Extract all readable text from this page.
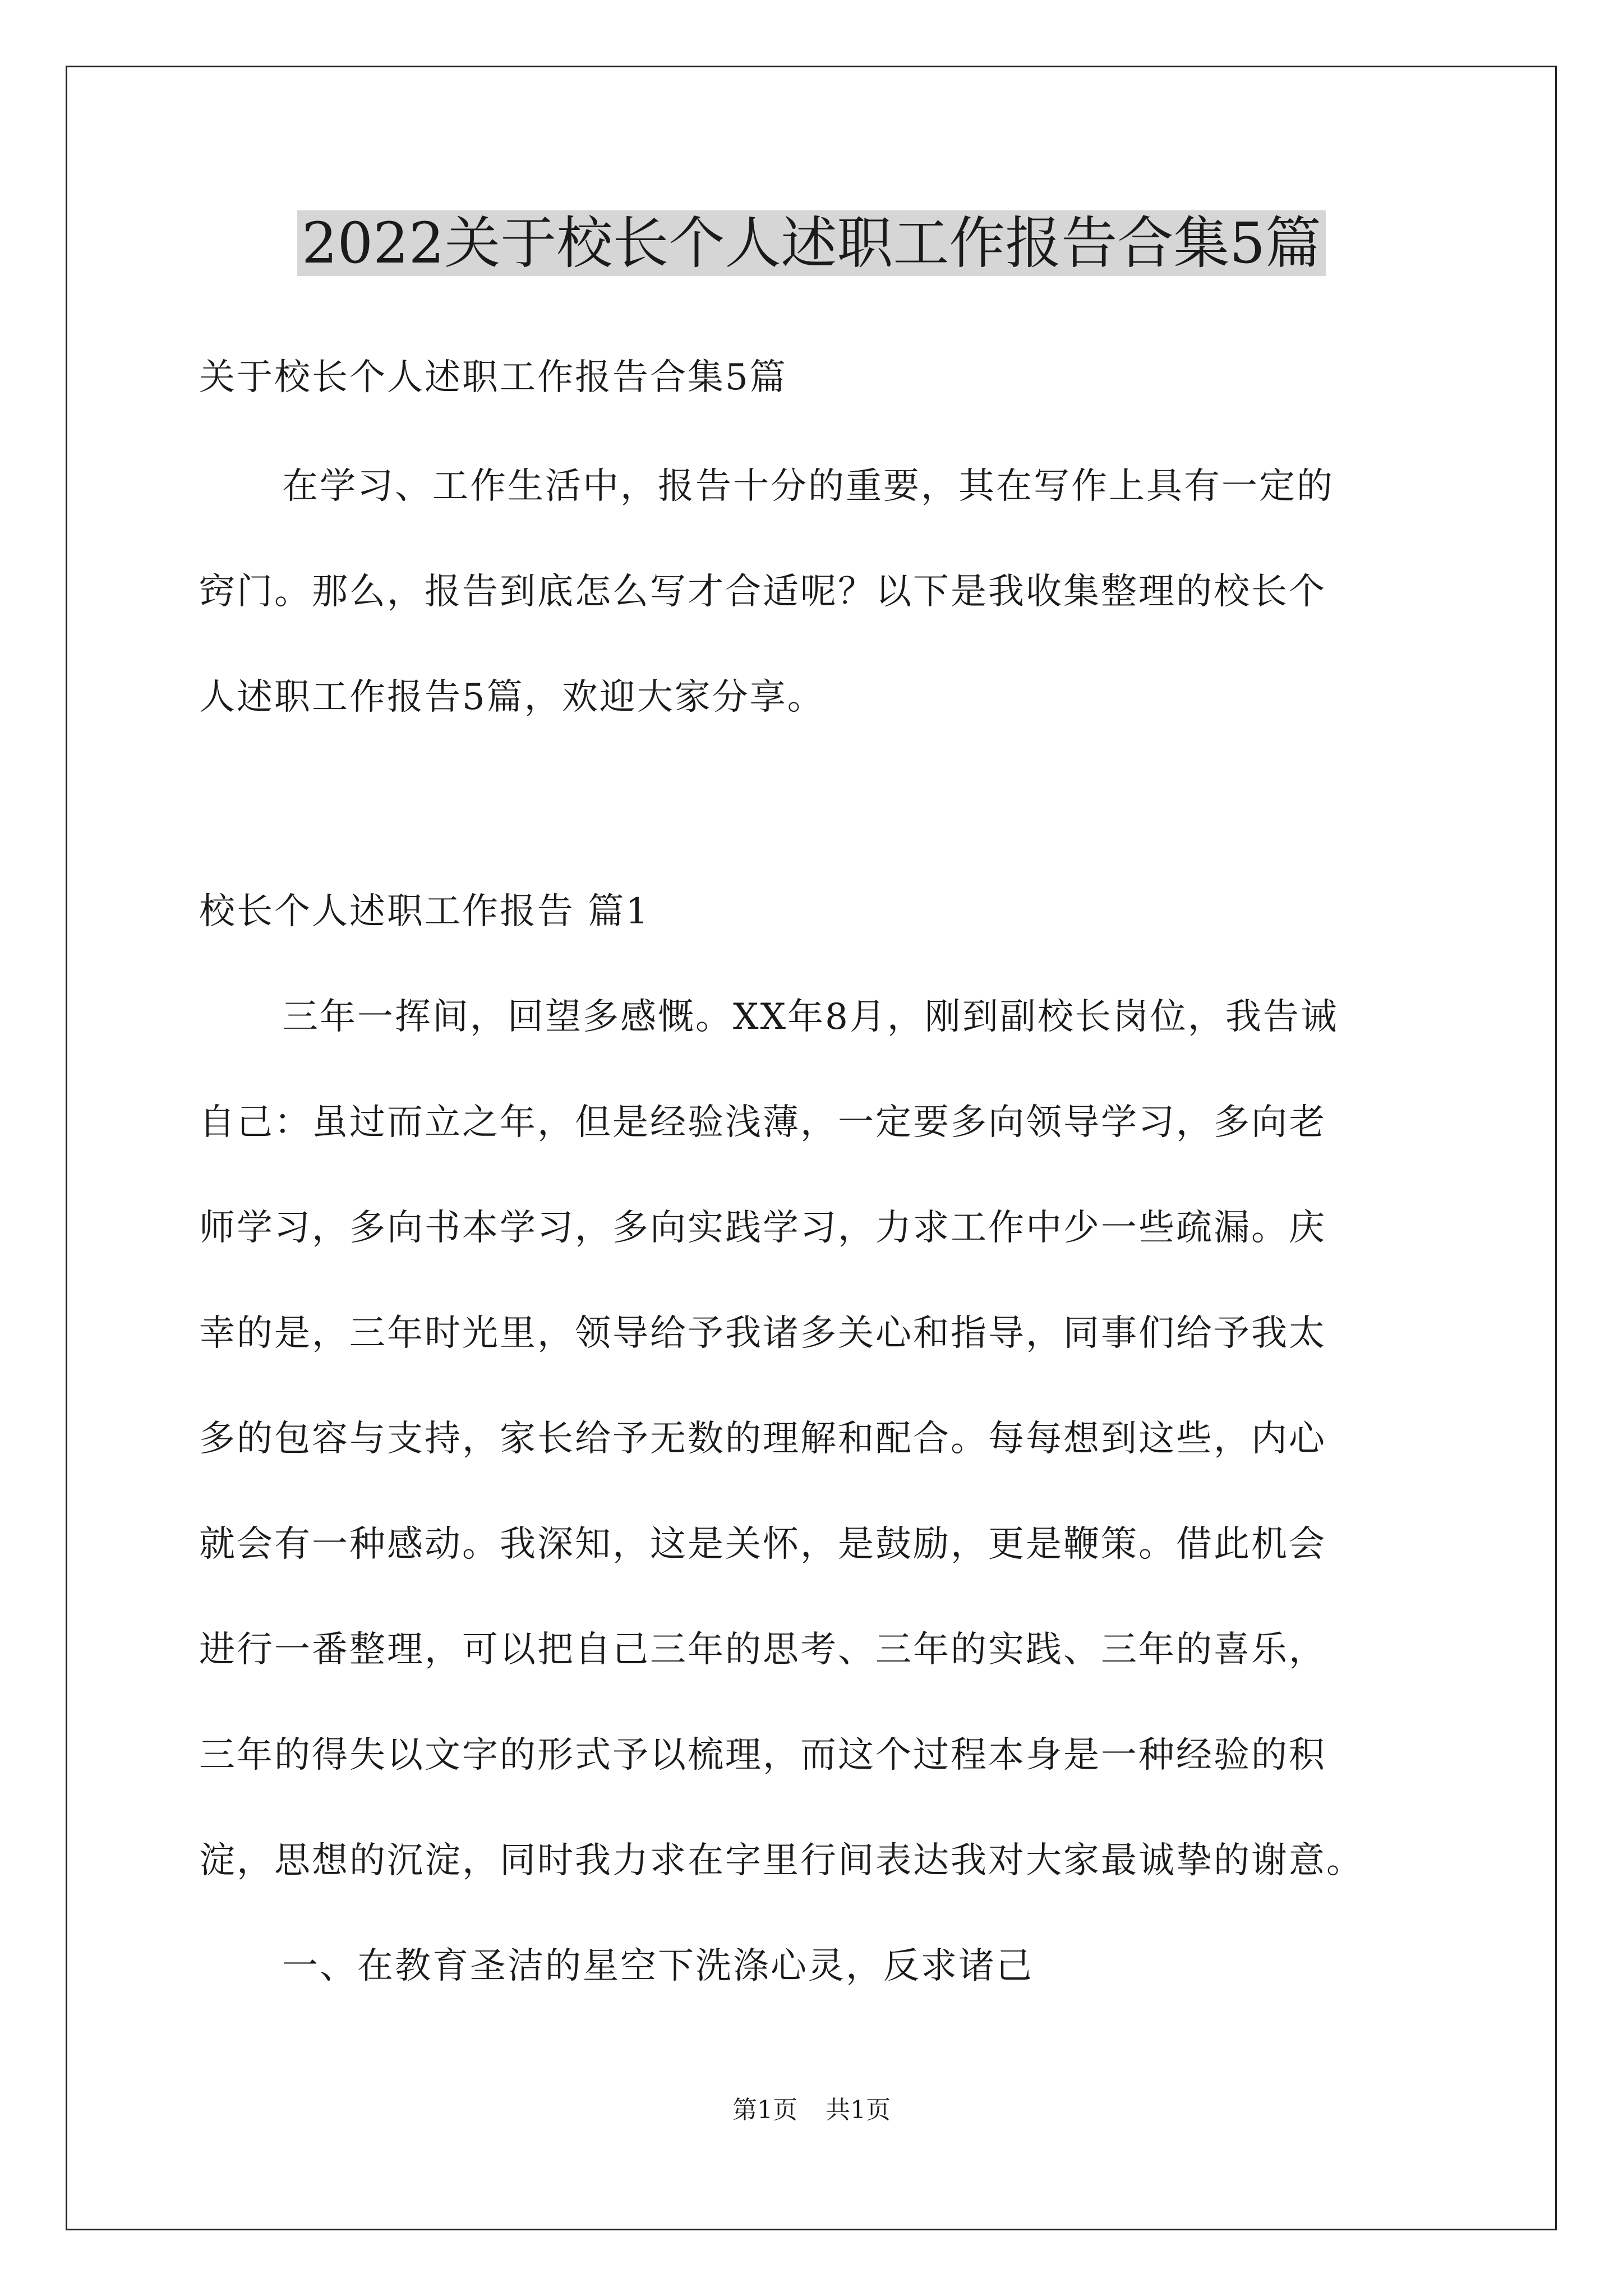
2022关于校长个人述职工作报告合集5篇
关于校长个人述职工作报告合集5篇
在学习、工作生活中，报告十分的重要，其在写作上具有一定的
窍门。那么，报告到底怎么写才合适呢？以下是我收集整理的校长个
人述职工作报告5篇，欢迎大家分享。
校长个人述职工作报告 篇1
三年一挥间，回望多感慨。XX年8月，刚到副校长岗位，我告诫
自己：虽过而立之年，但是经验浅薄，一定要多向领导学习，多向老
师学习，多向书本学习，多向实践学习，力求工作中少一些疏漏。庆
幸的是，三年时光里，领导给予我诸多关心和指导，同事们给予我太
多的包容与支持，家长给予无数的理解和配合。每每想到这些，内心
就会有一种感动。我深知，这是关怀，是鼓励，更是鞭策。借此机会
进行一番整理，可以把自己三年的思考、三年的实践、三年的喜乐，
三年的得失以文字的形式予以梳理，而这个过程本身是一种经验的积
淀，思想的沉淀，同时我力求在字里行间表达我对大家最诚挚的谢意。
一、在教育圣洁的星空下洗涤心灵，反求诸己
第1页 共1页
